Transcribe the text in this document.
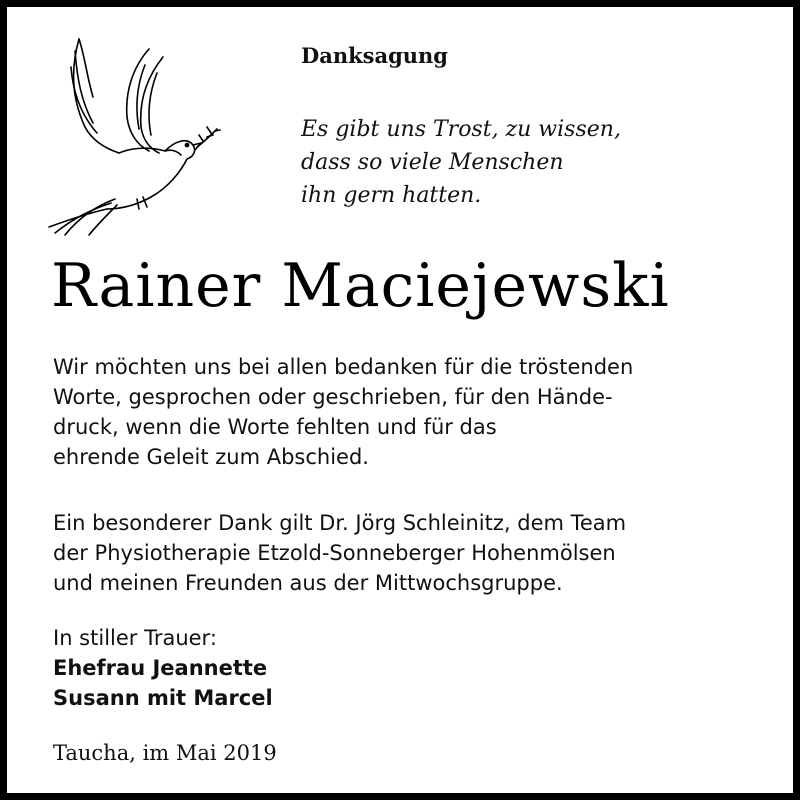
Danksagung
Es gibt uns Trost, zu wissen,
dass so viele Menschen
ihn gern hatten.
Rainer Maciejewski
Wir möchten uns bei allen bedanken für die tröstenden
Worte, gesprochen oder geschrieben, für den Hände-
druck, wenn die Worte fehlten und für das
ehrende Geleit zum Abschied.
Ein besonderer Dank gilt Dr. Jörg Schleinitz, dem Team
der Physiotherapie Etzold-Sonneberger Hohenmölsen
und meinen Freunden aus der Mittwochsgruppe.
In stiller Trauer:
Ehefrau Jeannette
Susann mit Marcel
Taucha, im Mai 2019
